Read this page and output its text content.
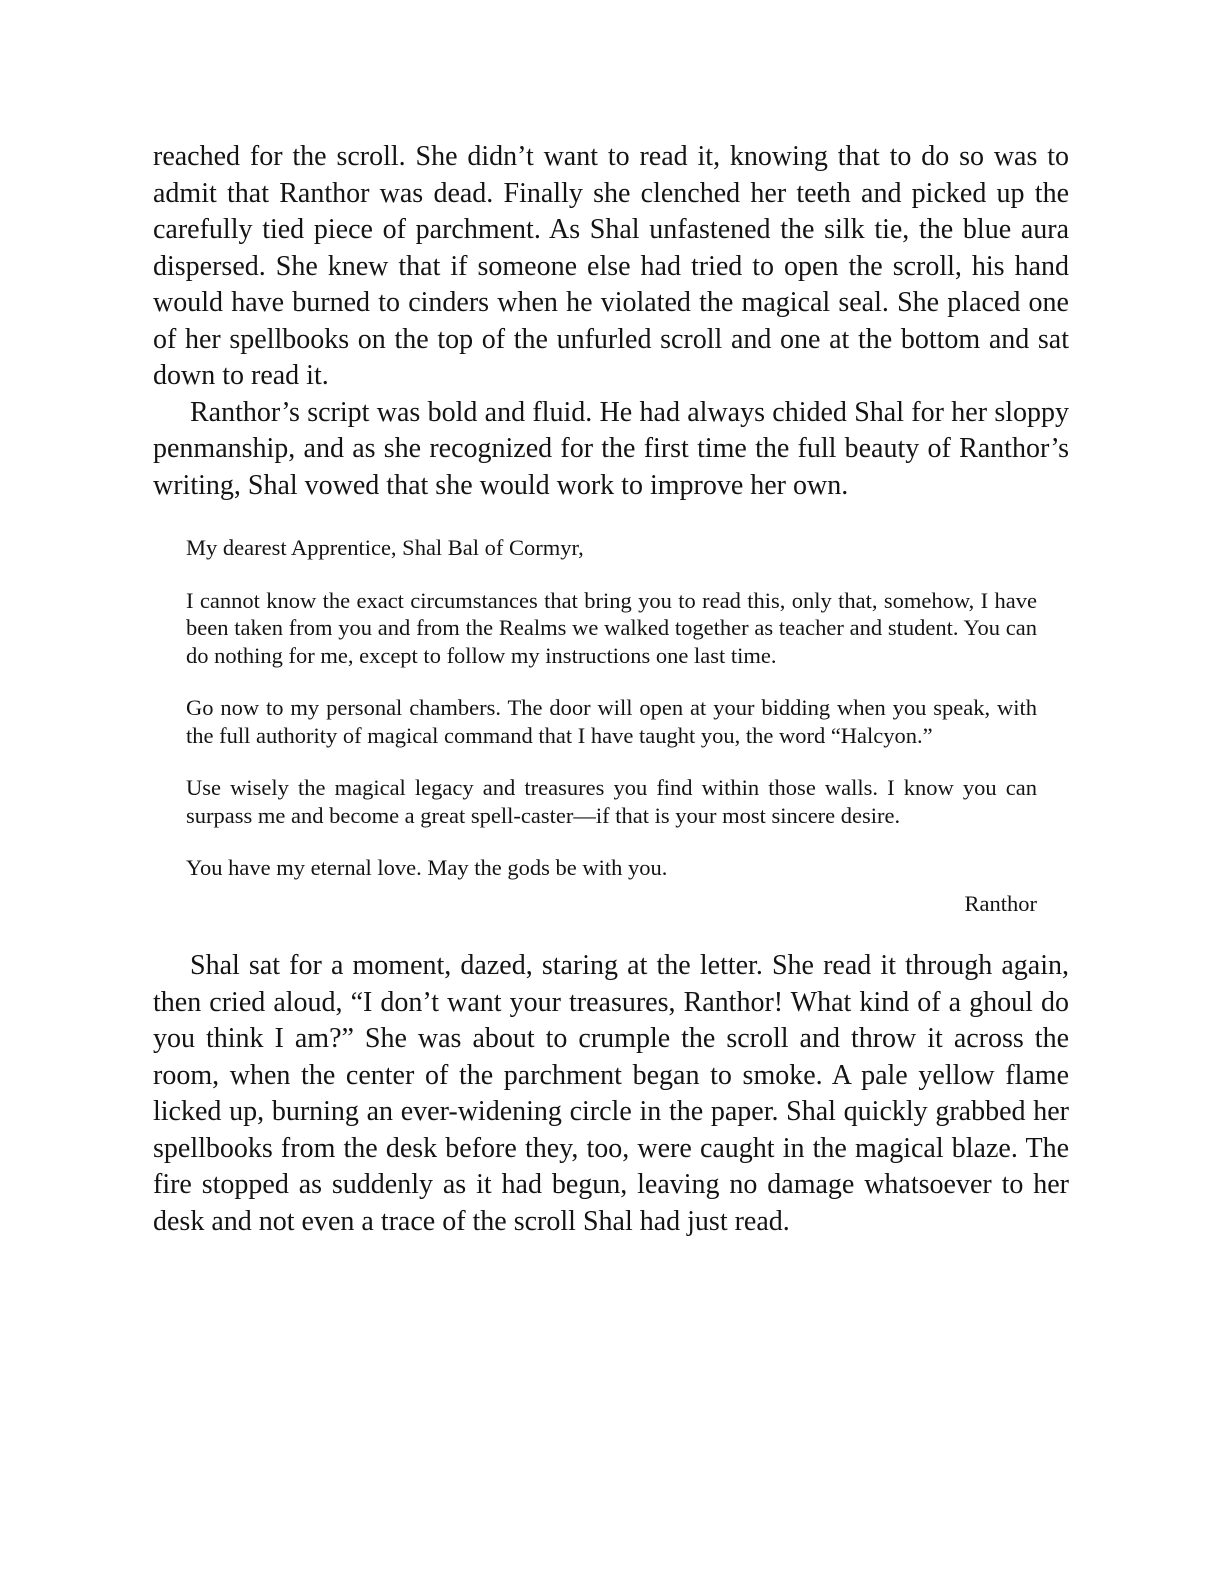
reached for the scroll. She didn’t want to read it, knowing that to do so was to admit that Ranthor was dead. Finally she clenched her teeth and picked up the carefully tied piece of parchment. As Shal unfastened the silk tie, the blue aura dispersed. She knew that if someone else had tried to open the scroll, his hand would have burned to cinders when he violated the magical seal. She placed one of her spellbooks on the top of the unfurled scroll and one at the bottom and sat down to read it.

Ranthor’s script was bold and fluid. He had always chided Shal for her sloppy penmanship, and as she recognized for the first time the full beauty of Ranthor’s writing, Shal vowed that she would work to improve her own.

My dearest Apprentice, Shal Bal of Cormyr,

I cannot know the exact circumstances that bring you to read this, only that, somehow, I have been taken from you and from the Realms we walked together as teacher and student. You can do nothing for me, except to follow my instructions one last time.

Go now to my personal chambers. The door will open at your bidding when you speak, with the full authority of magical command that I have taught you, the word “Halcyon.”

Use wisely the magical legacy and treasures you find within those walls. I know you can surpass me and become a great spell-caster—if that is your most sincere desire.

You have my eternal love. May the gods be with you.

Ranthor

Shal sat for a moment, dazed, staring at the letter. She read it through again, then cried aloud, “I don’t want your treasures, Ranthor! What kind of a ghoul do you think I am?” She was about to crumple the scroll and throw it across the room, when the center of the parchment began to smoke. A pale yellow flame licked up, burning an ever-widening circle in the paper. Shal quickly grabbed her spellbooks from the desk before they, too, were caught in the magical blaze. The fire stopped as suddenly as it had begun, leaving no damage whatsoever to her desk and not even a trace of the scroll Shal had just read.
